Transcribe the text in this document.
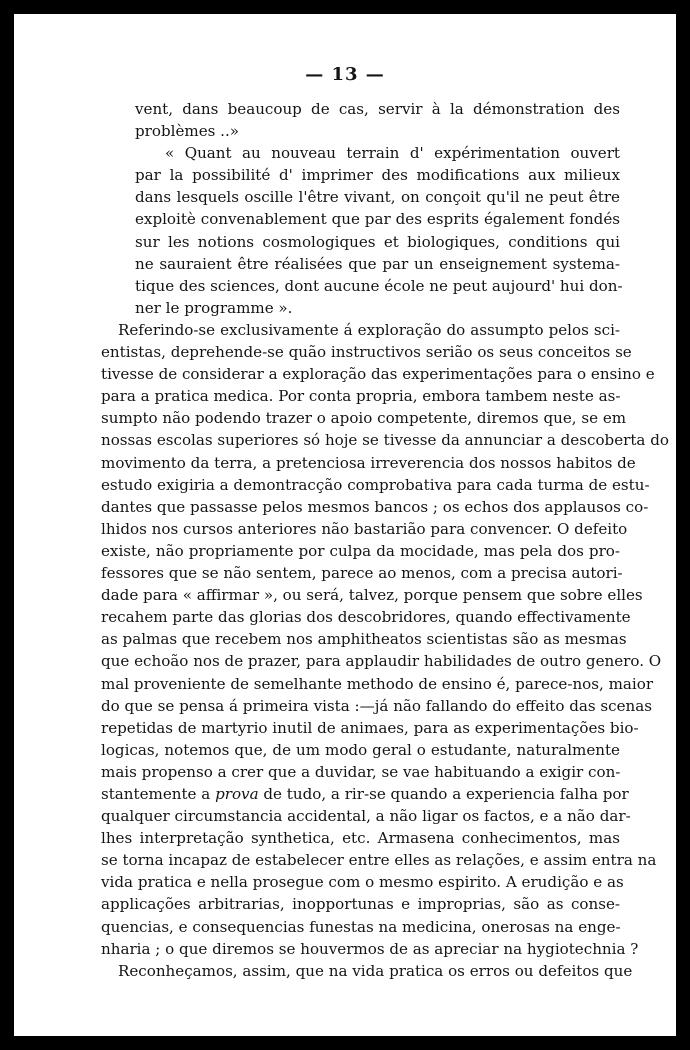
— 13 —
vent, dans beaucoup de cas, servir à la démonstration des
problèmes ..»
« Quant au nouveau terrain d' expérimentation ouvert
par la possibilité d' imprimer des modifications aux milieux
dans lesquels oscille l'être vivant, on conçoit qu'il ne peut être
exploitè convenablement que par des esprits également fondés
sur les notions cosmologiques et biologiques, conditions qui
ne sauraient être réalisées que par un enseignement systema-
tique des sciences, dont aucune école ne peut aujourd' hui don-
ner le programme ».
Referindo-se exclusivamente á exploração do assumpto pelos sci-
entistas, deprehende-se quão instructivos serião os seus conceitos se
tivesse de considerar a exploração das experimentações para o ensino e
para a pratica medica. Por conta propria, embora tambem neste as-
sumpto não podendo trazer o apoio competente, diremos que, se em
nossas escolas superiores só hoje se tivesse da annunciar a descoberta do
movimento da terra, a pretenciosa irreverencia dos nossos habitos de
estudo exigiria a demontracção comprobativa para cada turma de estu-
dantes que passasse pelos mesmos bancos ; os echos dos applausos co-
lhidos nos cursos anteriores não bastarião para convencer. O defeito
existe, não propriamente por culpa da mocidade, mas pela dos pro-
fessores que se não sentem, parece ao menos, com a precisa autori-
dade para « affirmar », ou será, talvez, porque pensem que sobre elles
recahem parte das glorias dos descobridores, quando effectivamente
as palmas que recebem nos amphitheatos scientistas são as mesmas
que echoão nos de prazer, para applaudir habilidades de outro genero. O
mal proveniente de semelhante methodo de ensino é, parece-nos, maior
do que se pensa á primeira vista :—já não fallando do effeito das scenas
repetidas de martyrio inutil de animaes, para as experimentações bio-
logicas, notemos que, de um modo geral o estudante, naturalmente
mais propenso a crer que a duvidar, se vae habituando a exigir con-
stantemente a prova de tudo, a rir-se quando a experiencia falha por
qualquer circumstancia accidental, a não ligar os factos, e a não dar-
lhes interpretação synthetica, etc. Armasena conhecimentos, mas
se torna incapaz de estabelecer entre elles as relações, e assim entra na
vida pratica e nella prosegue com o mesmo espirito. A erudição e as
applicações arbitrarias, inopportunas e improprias, são as conse-
quencias, e consequencias funestas na medicina, onerosas na enge-
nharia ; o que diremos se houvermos de as apreciar na hygiotechnia ?
Reconheçamos, assim, que na vida pratica os erros ou defeitos que
